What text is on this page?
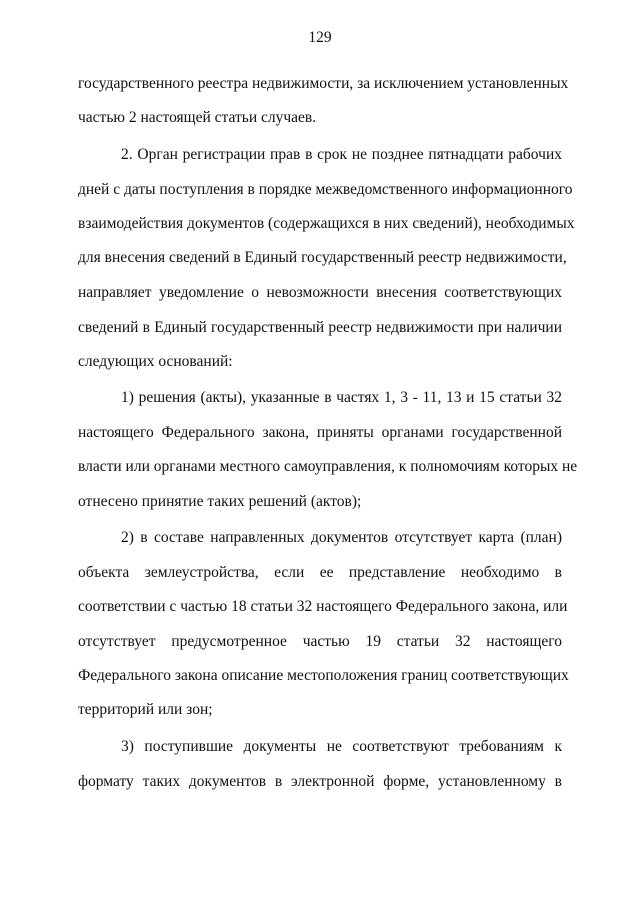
129
государственного реестра недвижимости, за исключением установленных
частью 2 настоящей статьи случаев.
2. Орган регистрации прав в срок не позднее пятнадцати рабочих
дней с даты поступления в порядке межведомственного информационного
взаимодействия документов (содержащихся в них сведений), необходимых
для внесения сведений в Единый государственный реестр недвижимости,
направляет уведомление о невозможности внесения соответствующих
сведений в Единый государственный реестр недвижимости при наличии
следующих оснований:
1) решения (акты), указанные в частях 1, 3 - 11, 13 и 15 статьи 32
настоящего Федерального закона, приняты органами государственной
власти или органами местного самоуправления, к полномочиям которых не
отнесено принятие таких решений (актов);
2) в составе направленных документов отсутствует карта (план)
объекта землеустройства, если ее представление необходимо в
соответствии с частью 18 статьи 32 настоящего Федерального закона, или
отсутствует предусмотренное частью 19 статьи 32 настоящего
Федерального закона описание местоположения границ соответствующих
территорий или зон;
3) поступившие документы не соответствуют требованиям к
формату таких документов в электронной форме, установленному в
